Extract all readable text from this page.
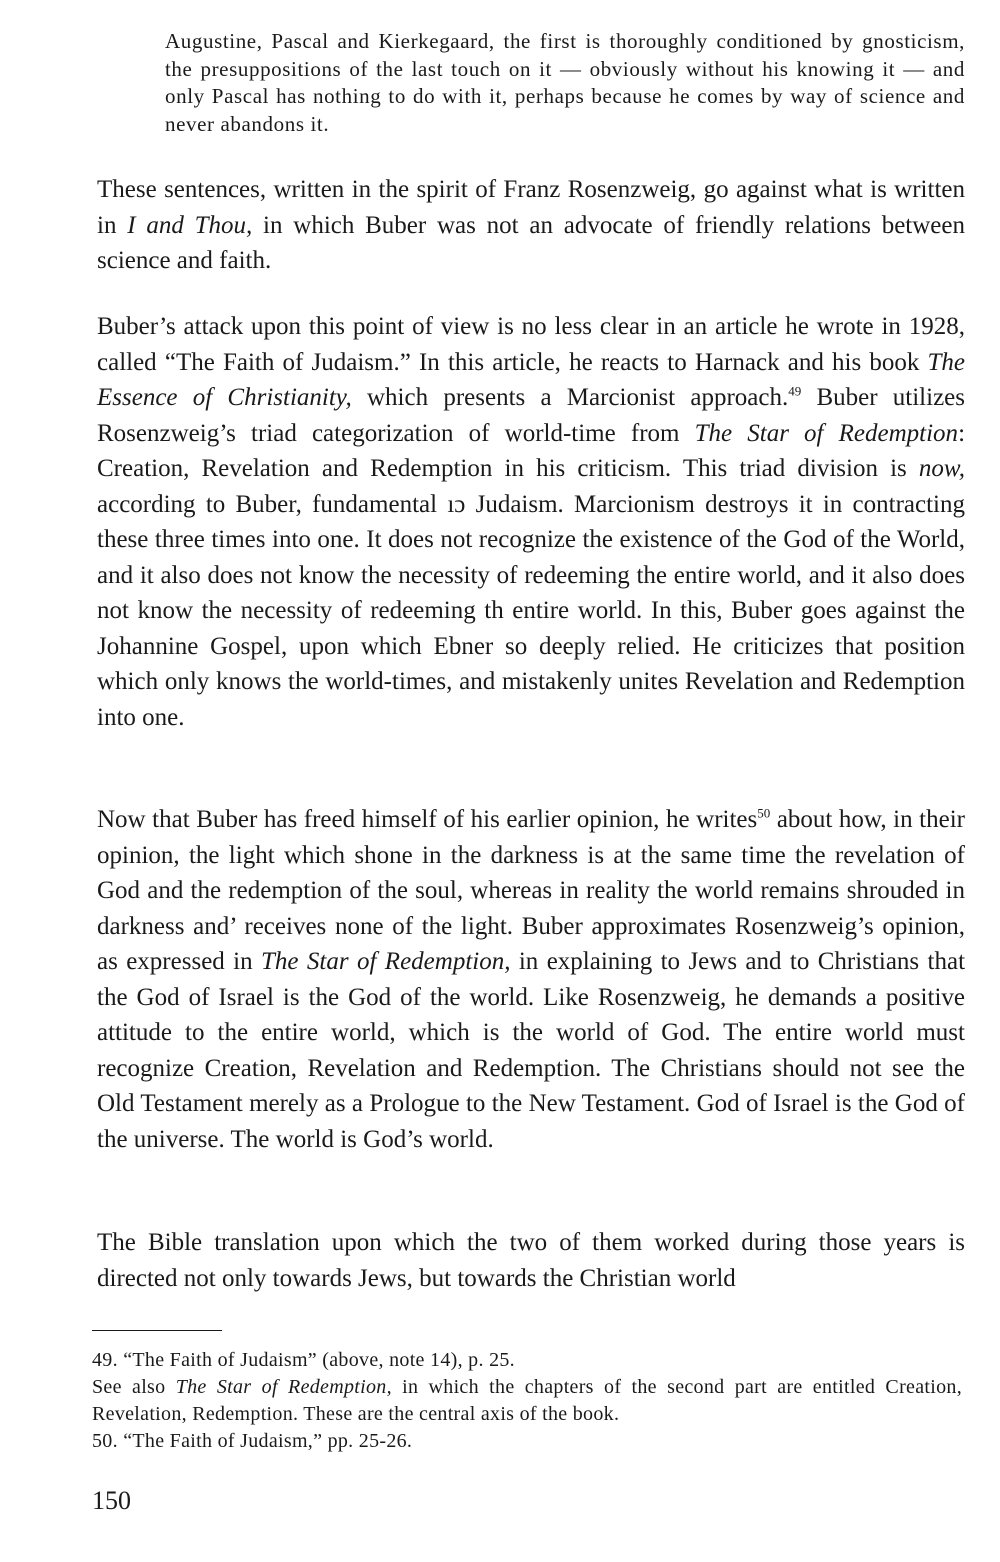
Augustine, Pascal and Kierkegaard, the first is thoroughly conditioned by gnosticism, the presuppositions of the last touch on it — obviously without his knowing it — and only Pascal has nothing to do with it, perhaps because he comes by way of science and never abandons it.

These sentences, written in the spirit of Franz Rosenzweig, go against what is written in I and Thou, in which Buber was not an advocate of friendly relations between science and faith.

Buber’s attack upon this point of view is no less clear in an article he wrote in 1928, called “The Faith of Judaism.” In this article, he reacts to Harnack and his book The Essence of Christianity, which presents a Marcionist approach.$^{49}$ Buber utilizes Rosenzweig’s triad categorization of world-time from The Star of Redemption: Creation, Revelation and Redemption in his criticism. This triad division is now, according to Buber, fundamental ıɔ Judaism. Marcionism destroys it in contracting these three times into one. It does not recognize the existence of the God of the World, and it also does not know the necessity of redeeming the entire world, and it also does not know the necessity of redeeming th entire world. In this, Buber goes against the Johannine Gospel, upon which Ebner so deeply relied. He criticizes that position which only knows the world-times, and mistakenly unites Revelation and Redemption into one.

Now that Buber has freed himself of his earlier opinion, he writes$^{50}$ about how, in their opinion, the light which shone in the darkness is at the same time the revelation of God and the redemption of the soul, whereas in reality the world remains shrouded in darkness and’ receives none of the light. Buber approximates Rosenzweig’s opinion, as expressed in The Star of Redemption, in explaining to Jews and to Christians that the God of Israel is the God of the world. Like Rosenzweig, he demands a positive attitude to the entire world, which is the world of God. The entire world must recognize Creation, Revelation and Redemption. The Christians should not see the Old Testament merely as a Prologue to the New Testament. God of Israel is the God of the universe. The world is God’s world.

The Bible translation upon which the two of them worked during those years is directed not only towards Jews, but towards the Christian world

49. “The Faith of Judaism” (above, note 14), p. 25.
See also The Star of Redemption, in which the chapters of the second part are entitled Creation, Revelation, Redemption. These are the central axis of the book.
50. “The Faith of Judaism,” pp. 25-26.
150
